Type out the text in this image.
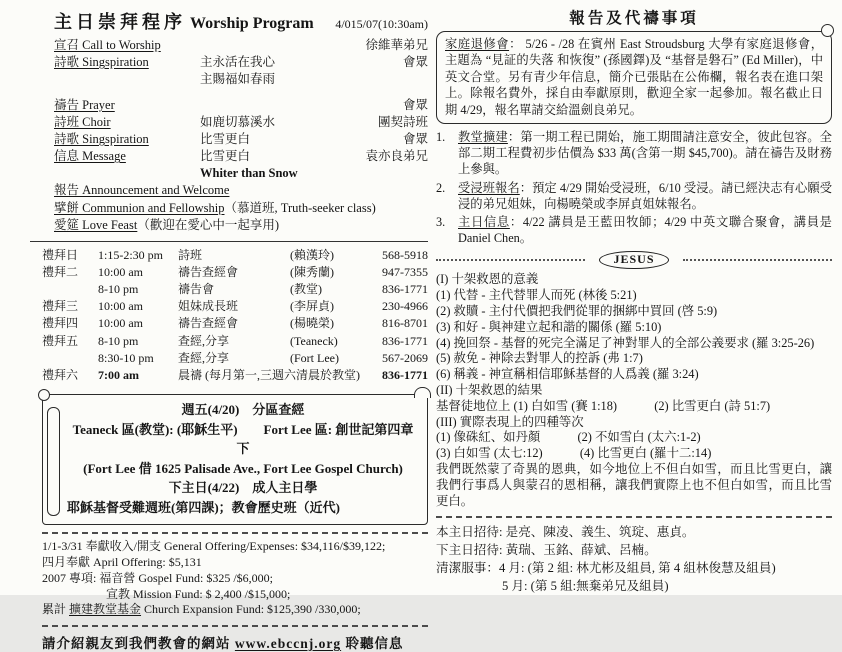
主日崇拜程序 Worship Program 4/015/07(10:30am)
宣召 Call to Worship	徐維華弟兄
詩歌 Singspiration	主永活在我心	會眾
主賜福如春雨
禱告 Prayer	會眾
詩班 Choir	如鹿切慕溪水	團契詩班
詩歌 Singspiration	比雪更白	會眾
信息 Message	比雪更白	袁亦良弟兄
Whiter than Snow
報告 Announcement and Welcome
擘餅 Communion and Fellowship（慕道班, Truth-seeker class)
愛筵 Love Feast（歡迎在愛心中一起享用)
禮拜日	1:15-2:30 pm	詩班	(賴漢玲)	568-5918
禮拜二	10:00 am	禱告查經會	(陳秀蘭)	947-7355
8-10 pm	禱告會	(教堂)	836-1771
禮拜三	10:00 am	姐妹成長班	(李屏貞)	230-4966
禮拜四	10:00 am	禱告查經會	(楊曉榮)	816-8701
禮拜五	8-10 pm	查經,分享	(Teaneck)	836-1771
8:30-10 pm	查經,分享	(Fort Lee)	567-2069
禮拜六	7:00 am	晨禱 (每月第一,三週六清晨於教堂)	836-1771
週五(4/20)　分區查經
Teaneck 區(教堂): (耶穌生平)　　Fort Lee 區: 創世記第四章下
(Fort Lee 借 1625 Palisade Ave., Fort Lee Gospel Church)
下主日(4/22)　成人主日學
耶穌基督受難週班(第四課)；教會歷史班（近代)
1/1-3/31 奉獻收入/開支 General Offering/Expenses: $34,116/$39,122;
四月奉獻 April Offering: $5,131
2007 專項: 福音營 Gospel Fund: $325 /$6,000;
宣教 Mission Fund: $ 2,400 /$15,000;
累計 擴建教堂基金 Church Expansion Fund: $125,390 /330,000;
請介紹親友到我們教會的網站 www.ebccnj.org 聆聽信息
報告及代禱事項
家庭退修會： 5/26 - /28 在賓州 East Stroudsburg 大學有家庭退修會， 主題為 “見証的失落 和恢復” (孫國鐸)及 “基督是磐石” (Ed Miller)，中英文合堂。另有青少年信息，簡介已張貼在公佈欄，報名表在進口架上。除報名費外，採自由奉獻原則，歡迎全家一起參加。報名截止日期 4/29，報名單請交給溫劍良弟兄。
1.	教堂擴建：第一期工程已開始，施工期間請注意安全，彼此包容。全部二期工程費初步估價為 $33 萬(含第一期 $45,700)。請在禱告及財務上參與。
2.	受浸班報名：預定 4/29 開始受浸班，6/10 受浸。請已經決志有心願受浸的弟兄姐妹，向楊曉榮或李屏貞姐妹報名。
3.	主日信息：4/22 講員是王藍田牧師；4/29 中英文聯合聚會，講員是 Daniel Chen。
JESUS
(I) 十架救恩的意義
(1) 代替 - 主代替罪人而死 (林後 5:21)
(2) 救贖 - 主付代價把我們從罪的捆綁中買回 (啓 5:9)
(3) 和好 - 與神建立起和諧的關係 (羅 5:10)
(4) 挽回祭 - 基督的死完全滿足了神對罪人的全部公義要求 (羅 3:25-26)
(5) 赦免 - 神除去對罪人的控訴 (弗 1:7)
(6) 稱義 - 神宣稱相信耶穌基督的人爲義 (羅 3:24)
(II) 十架救恩的結果
基督徒地位上 (1) 白如雪 (賽 1:18)　　　(2) 比雪更白 (詩 51:7)
(III) 實際表現上的四種等次
(1) 像硃紅、如丹顏　　　(2) 不如雪白 (太六:1-2)
(3) 白如雪 (太七:12)　　　(4) 比雪更白 (羅十二:14)
我們既然蒙了奇異的恩典，如今地位上不但白如雪，而且比雪更白，讓我們行事爲人與蒙召的恩相稱，讓我們實際上也不但白如雪，而且比雪更白。
本主日招待: 是亮、陳凌、義生、筑琔、惠貞。
下主日招待: 黃瑞、玉銘、薛斌、呂楠。
清潔服事：4 月: (第 2 組: 林尤彬及組員, 第 4 組林俊慧及組員)
5 月: (第 5 組:無棄弟兄及組員)
